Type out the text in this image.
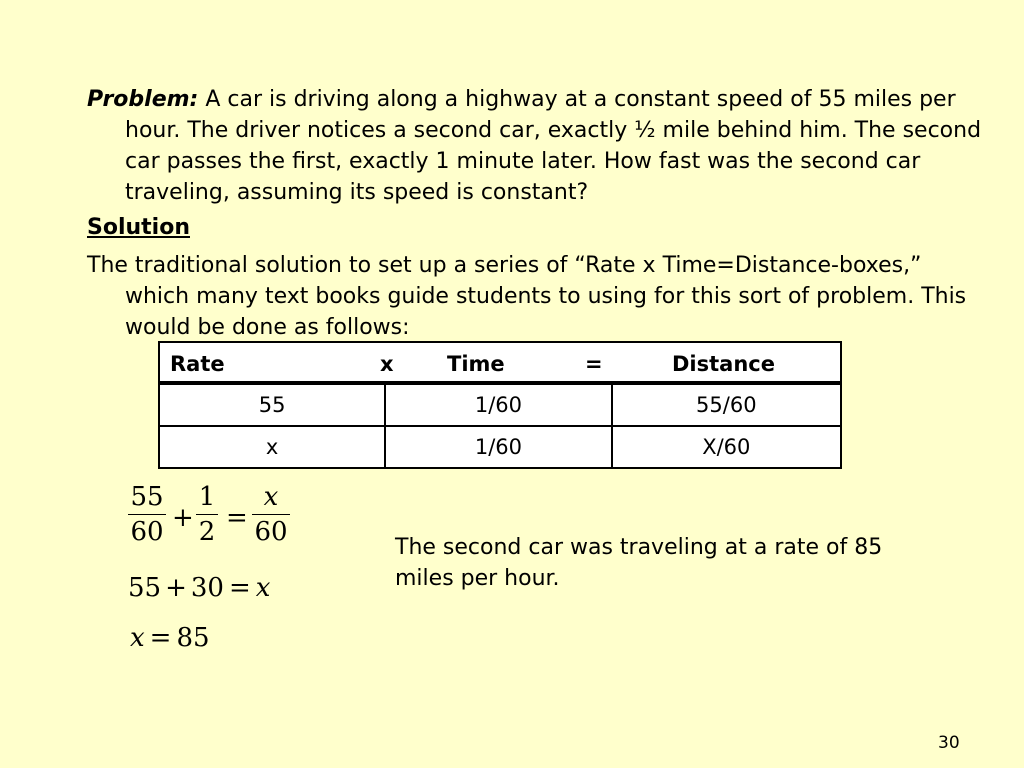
Problem: A car is driving along a highway at a constant speed of 55 miles per hour. The driver notices a second car, exactly ½ mile behind him. The second car passes the first, exactly 1 minute later. How fast was the second car traveling, assuming its speed is constant?
Solution
The traditional solution to set up a series of “Rate x Time=Distance-boxes,” which many text books guide students to using for this sort of problem. This would be done as follows:
Rate x Time = Distance		

55	1/60	55/60
x	1/60	X/60
55
60 +
1
2 =
x
60
55 + 30 = x
x = 85
The second car was traveling at a rate of 85 miles per hour.
30
